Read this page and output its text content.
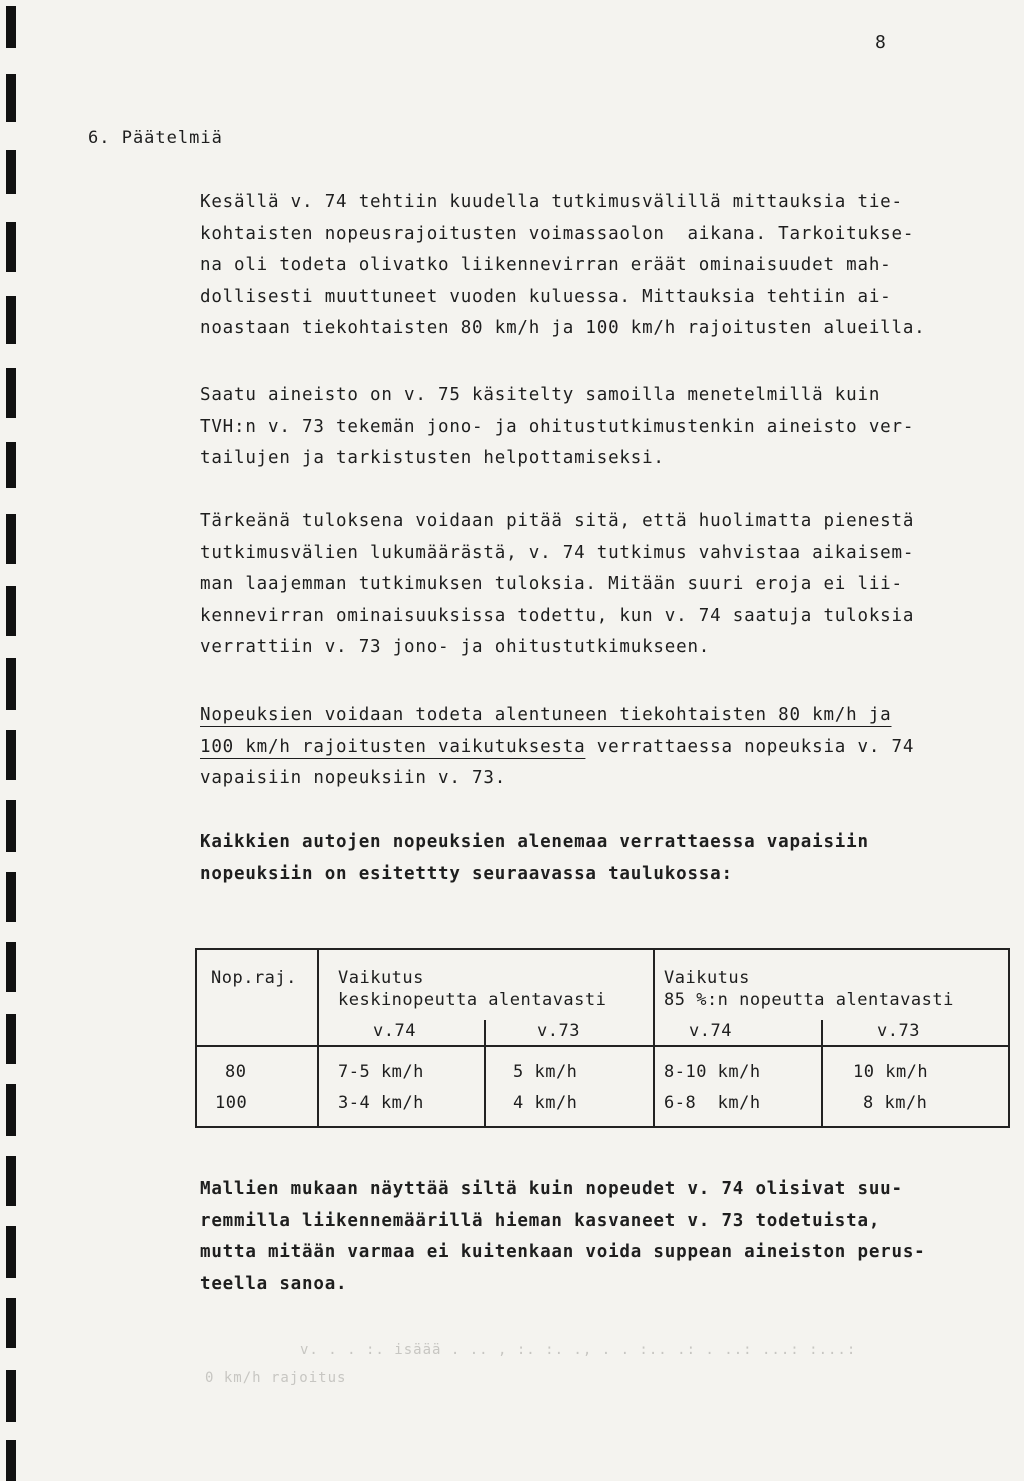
8
6. Päätelmiä
Kesällä v. 74 tehtiin kuudella tutkimusvälillä mittauksia tie-
kohtaisten nopeusrajoitusten voimassaolon  aikana. Tarkoitukse-
na oli todeta olivatko liikennevirran eräät ominaisuudet mah-
dollisesti muuttuneet vuoden kuluessa. Mittauksia tehtiin ai-
noastaan tiekohtaisten 80 km/h ja 100 km/h rajoitusten alueilla.
Saatu aineisto on v. 75 käsitelty samoilla menetelmillä kuin
TVH:n v. 73 tekemän jono- ja ohitustutkimustenkin aineisto ver-
tailujen ja tarkistusten helpottamiseksi.
Tärkeänä tuloksena voidaan pitää sitä, että huolimatta pienestä
tutkimusvälien lukumäärästä, v. 74 tutkimus vahvistaa aikaisem-
man laajemman tutkimuksen tuloksia. Mitään suuri eroja ei lii-
kennevirran ominaisuuksissa todettu, kun v. 74 saatuja tuloksia
verrattiin v. 73 jono- ja ohitustutkimukseen.
Nopeuksien voidaan todeta alentuneen tiekohtaisten 80 km/h ja
100 km/h rajoitusten vaikutuksesta verrattaessa nopeuksia v. 74
vapaisiin nopeuksiin v. 73.
Kaikkien autojen nopeuksien alenemaa verrattaessa vapaisiin
nopeuksiin on esitettty seuraavassa taulukossa:
Nop.raj. Vaikutus
keskinopeutta alentavasti
Vaikutus
85 %:n nopeutta alentavasti
v.74	v.73	v.74	v.73
80	7-5 km/h	5 km/h	8-10 km/h	10 km/h
100	3-4 km/h	4 km/h	6-8  km/h	8 km/h
Mallien mukaan näyttää siltä kuin nopeudet v. 74 olisivat suu-
remmilla liikennemäärillä hieman kasvaneet v. 73 todetuista,
mutta mitään varmaa ei kuitenkaan voida suppean aineiston perus-
teella sanoa.
v. . . :. isäää . .. , :. :. ., . . :.. .: . ..: ...: :...:
0 km/h rajoitus
